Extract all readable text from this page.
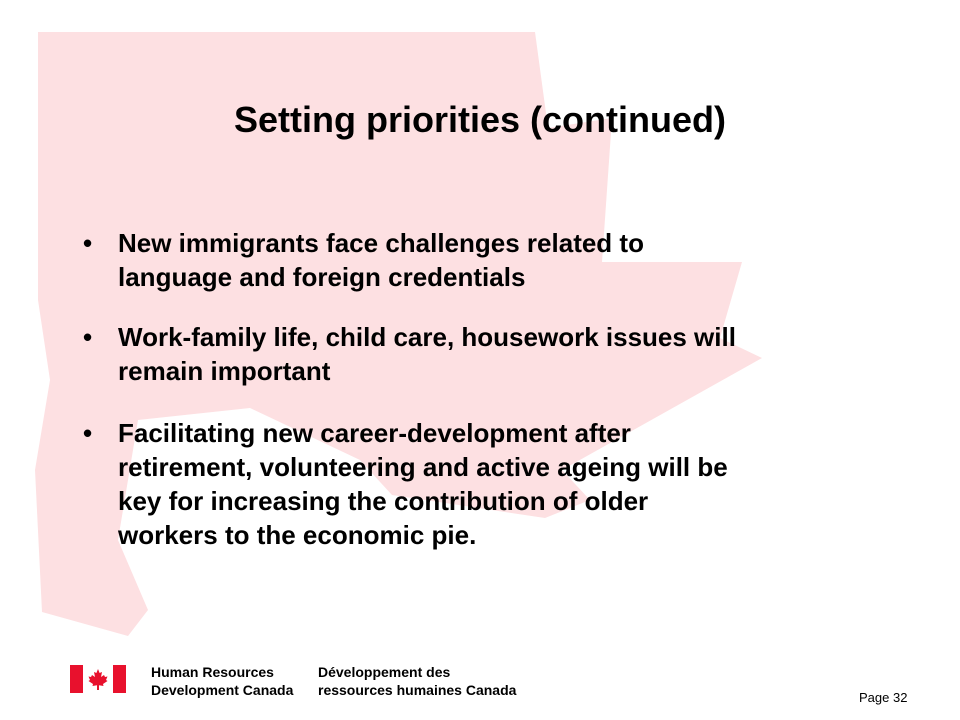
Setting priorities (continued)
• New immigrants face challenges related to
language and foreign credentials
• Work-family life, child care, housework issues will
remain important
• Facilitating new career-development after
retirement, volunteering and active ageing will be
key for increasing the contribution of older
workers to the economic pie.
Human Resources
Development Canada
Développement des
ressources humaines Canada	Page 32
